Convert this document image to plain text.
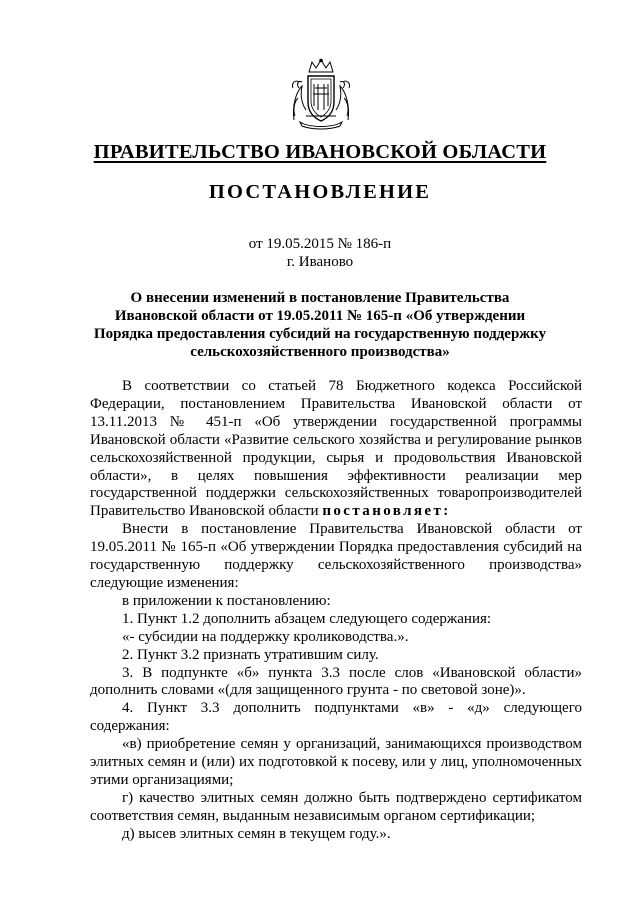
ПРАВИТЕЛЬСТВО ИВАНОВСКОЙ ОБЛАСТИ
ПОСТАНОВЛЕНИЕ
от 19.05.2015 № 186-п
г. Иваново
О внесении изменений в постановление Правительства Ивановской области от 19.05.2011 № 165-п «Об утверждении Порядка предоставления субсидий на государственную поддержку сельскохозяйственного производства»

В соответствии со статьей 78 Бюджетного кодекса Российской Федерации, постановлением Правительства Ивановской области от 13.11.2013 № 451-п «Об утверждении государственной программы Ивановской области «Развитие сельского хозяйства и регулирование рынков сельскохозяйственной продукции, сырья и продовольствия Ивановской области», в целях повышения эффективности реализации мер государственной поддержки сельскохозяйственных товаропроизводителей Правительство Ивановской области постановляет:

Внести в постановление Правительства Ивановской области от 19.05.2011 № 165-п «Об утверждении Порядка предоставления субсидий на государственную поддержку сельскохозяйственного производства» следующие изменения:

в приложении к постановлению:

1. Пункт 1.2 дополнить абзацем следующего содержания:

«- субсидии на поддержку кролиководства.».

2. Пункт 3.2 признать утратившим силу.

3. В подпункте «б» пункта 3.3 после слов «Ивановской области» дополнить словами «(для защищенного грунта - по световой зоне)».

4. Пункт 3.3 дополнить подпунктами «в» - «д» следующего содержания:

«в) приобретение семян у организаций, занимающихся производством элитных семян и (или) их подготовкой к посеву, или у лиц, уполномоченных этими организациями;

г) качество элитных семян должно быть подтверждено сертификатом соответствия семян, выданным независимым органом сертификации;

д) высев элитных семян в текущем году.».
